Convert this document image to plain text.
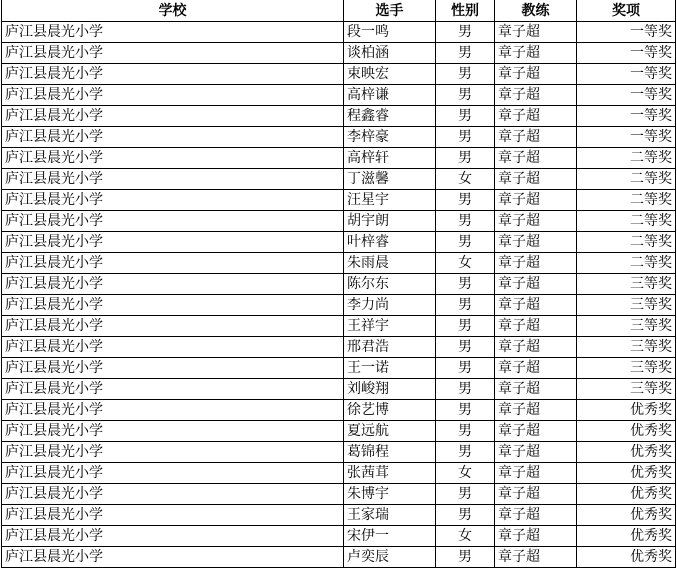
学校	选手	性别	教练	奖项
庐江县晨光小学	段一鸣	男	章子超	一等奖
庐江县晨光小学	谈柏涵	男	章子超	一等奖
庐江县晨光小学	束映宏	男	章子超	一等奖
庐江县晨光小学	高梓谦	男	章子超	一等奖
庐江县晨光小学	程鑫睿	男	章子超	一等奖
庐江县晨光小学	李梓豪	男	章子超	一等奖
庐江县晨光小学	高梓轩	男	章子超	二等奖
庐江县晨光小学	丁滋馨	女	章子超	二等奖
庐江县晨光小学	汪星宇	男	章子超	二等奖
庐江县晨光小学	胡宇朗	男	章子超	二等奖
庐江县晨光小学	叶梓睿	男	章子超	二等奖
庐江县晨光小学	朱雨晨	女	章子超	二等奖
庐江县晨光小学	陈尔东	男	章子超	三等奖
庐江县晨光小学	李力尚	男	章子超	三等奖
庐江县晨光小学	王祥宇	男	章子超	三等奖
庐江县晨光小学	邢君浩	男	章子超	三等奖
庐江县晨光小学	王一诺	男	章子超	三等奖
庐江县晨光小学	刘峻翔	男	章子超	三等奖
庐江县晨光小学	徐艺博	男	章子超	优秀奖
庐江县晨光小学	夏远航	男	章子超	优秀奖
庐江县晨光小学	葛锦程	男	章子超	优秀奖
庐江县晨光小学	张茜茸	女	章子超	优秀奖
庐江县晨光小学	朱博宇	男	章子超	优秀奖
庐江县晨光小学	王家瑞	男	章子超	优秀奖
庐江县晨光小学	宋伊一	女	章子超	优秀奖
庐江县晨光小学	卢奕辰	男	章子超	优秀奖
